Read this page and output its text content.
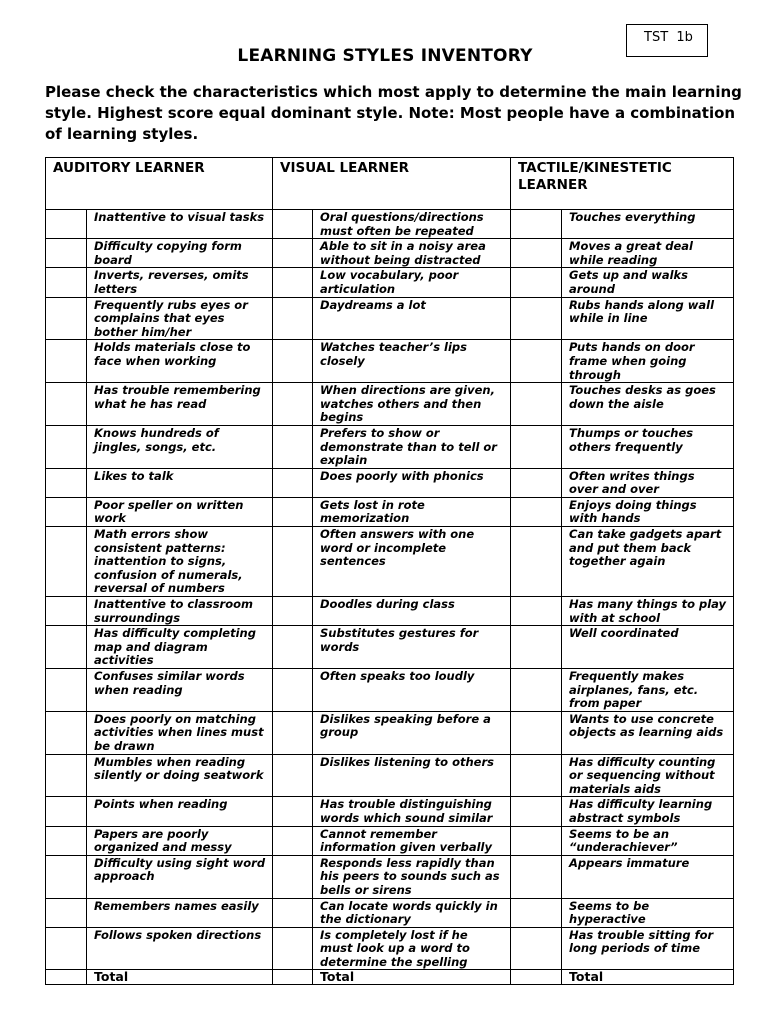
TST  1b
LEARNING STYLES INVENTORY
Please check the characteristics which most apply to determine the main learning style. Highest score equal dominant style. Note: Most people have a combination of learning styles.
AUDITORY LEARNER		VISUAL LEARNER		TACTILE/KINESTETIC LEARNER	
	Inattentive to visual tasks		Oral questions/directions must often be repeated		Touches everything
	Difficulty copying form board		Able to sit in a noisy area without being distracted		Moves a great deal while reading
	Inverts, reverses, omits letters		Low vocabulary, poor articulation		Gets up and walks around
	Frequently rubs eyes or complains that eyes bother him/her		Daydreams a lot		Rubs hands along wall while in line
	Holds materials close to face when working		Watches teacher’s lips closely		Puts hands on door frame when going through
	Has trouble remembering what he has read		When directions are given, watches others and then begins		Touches desks as goes down the aisle
	Knows hundreds of jingles, songs, etc.		Prefers to show or demonstrate than to tell or explain		Thumps or touches others frequently
	Likes to talk		Does poorly with phonics		Often writes things over and over
	Poor speller on written work		Gets lost in rote memorization		Enjoys doing things with hands
	Math errors show consistent patterns: inattention to signs, confusion of numerals, reversal of numbers		Often answers with one word or incomplete sentences		Can take gadgets apart and put them back together again
	Inattentive to classroom surroundings		Doodles during class		Has many things to play with at school
	Has difficulty completing map and diagram activities		Substitutes gestures for words		Well coordinated
	Confuses similar words when reading		Often speaks too loudly		Frequently makes airplanes, fans, etc. from paper
	Does poorly on matching activities when lines must be drawn		Dislikes speaking before a group		Wants to use concrete objects as learning aids
	Mumbles when reading silently or doing seatwork		Dislikes listening to others		Has difficulty counting or sequencing without materials aids
	Points when reading		Has trouble distinguishing words which sound similar		Has difficulty learning abstract symbols
	Papers are poorly organized and messy		Cannot remember information given verbally		Seems to be an “underachiever”
	Difficulty using sight word approach		Responds less rapidly than his peers to sounds such as bells or sirens		Appears immature
	Remembers names easily		Can locate words quickly in the dictionary		Seems to be hyperactive
	Follows spoken directions		Is completely lost if he must look up a word to determine the spelling		Has trouble sitting for long periods of time
	Total		Total		Total
